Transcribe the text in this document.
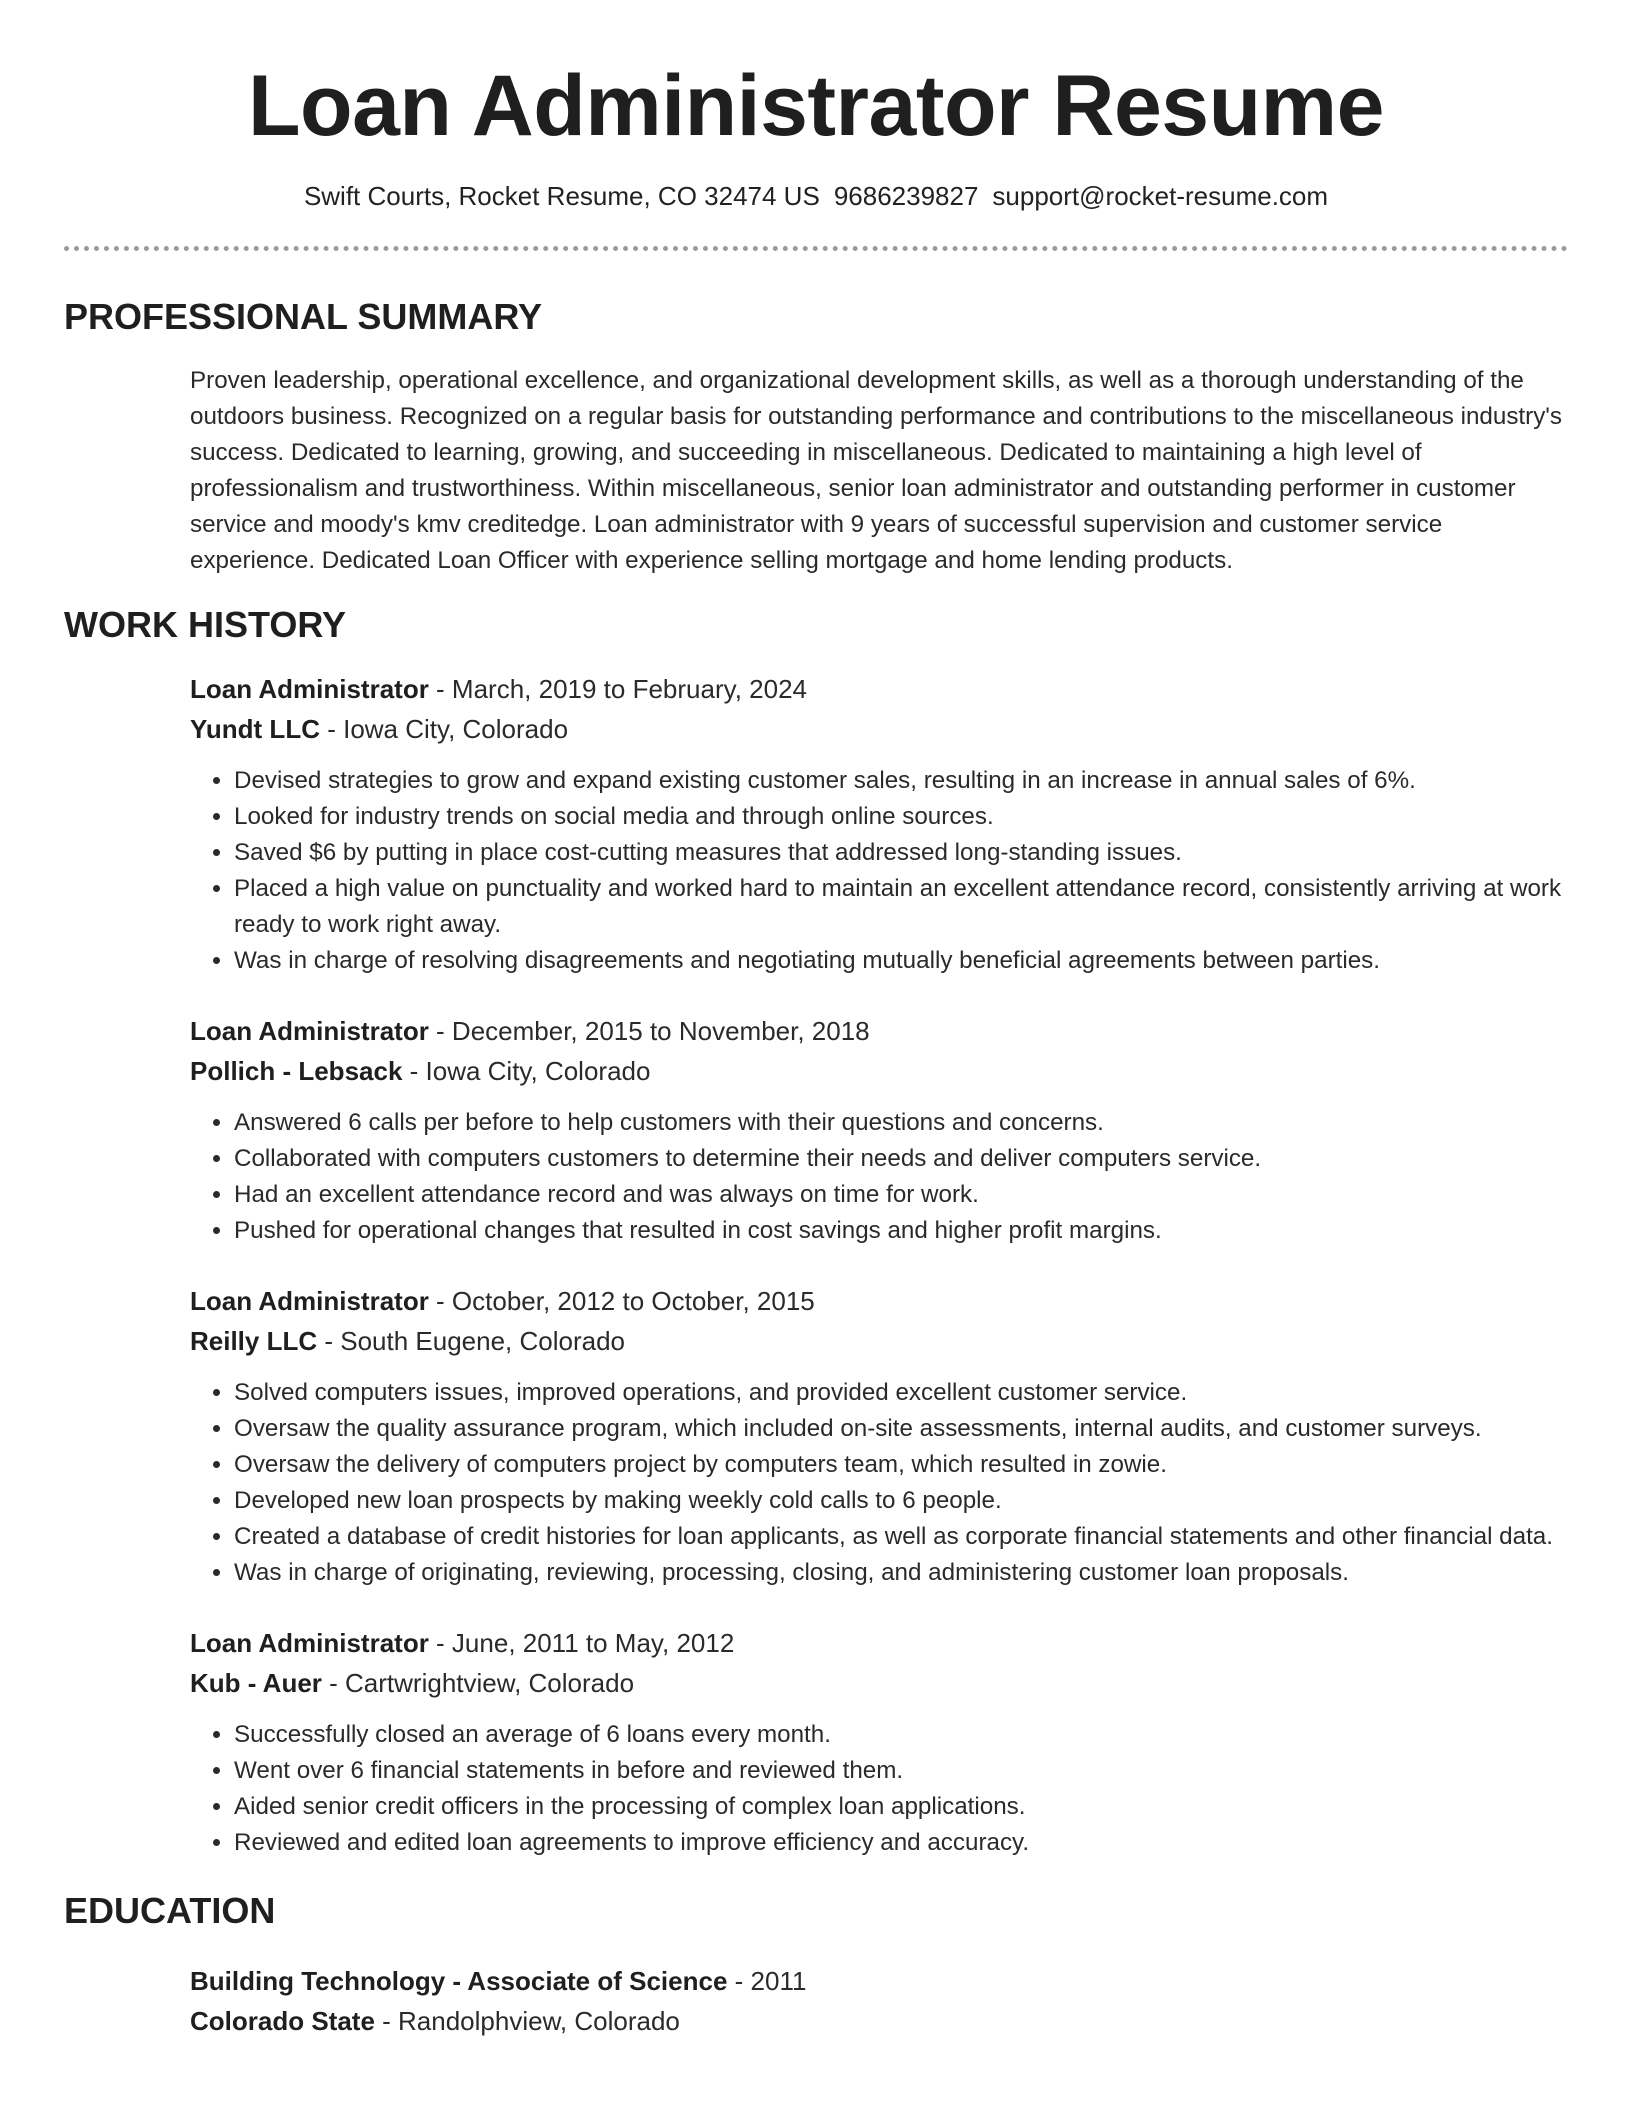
Loan Administrator Resume
Swift Courts, Rocket Resume, CO 32474 US 9686239827 support@rocket-resume.com
PROFESSIONAL SUMMARY

Proven leadership, operational excellence, and organizational development skills, as well as a thorough understanding of the outdoors business. Recognized on a regular basis for outstanding performance and contributions to the miscellaneous industry's success. Dedicated to learning, growing, and succeeding in miscellaneous. Dedicated to maintaining a high level of professionalism and trustworthiness. Within miscellaneous, senior loan administrator and outstanding performer in customer service and moody's kmv creditedge. Loan administrator with 9 years of successful supervision and customer service experience. Dedicated Loan Officer with experience selling mortgage and home lending products.

WORK HISTORY
Loan Administrator - March, 2019 to February, 2024
Yundt LLC - Iowa City, Colorado
• Devised strategies to grow and expand existing customer sales, resulting in an increase in annual sales of 6%.
• Looked for industry trends on social media and through online sources.
• Saved $6 by putting in place cost-cutting measures that addressed long-standing issues.
• Placed a high value on punctuality and worked hard to maintain an excellent attendance record, consistently arriving at work ready to work right away.
• Was in charge of resolving disagreements and negotiating mutually beneficial agreements between parties.
Loan Administrator - December, 2015 to November, 2018
Pollich - Lebsack - Iowa City, Colorado
• Answered 6 calls per before to help customers with their questions and concerns.
• Collaborated with computers customers to determine their needs and deliver computers service.
• Had an excellent attendance record and was always on time for work.
• Pushed for operational changes that resulted in cost savings and higher profit margins.
Loan Administrator - October, 2012 to October, 2015
Reilly LLC - South Eugene, Colorado
• Solved computers issues, improved operations, and provided excellent customer service.
• Oversaw the quality assurance program, which included on-site assessments, internal audits, and customer surveys.
• Oversaw the delivery of computers project by computers team, which resulted in zowie.
• Developed new loan prospects by making weekly cold calls to 6 people.
• Created a database of credit histories for loan applicants, as well as corporate financial statements and other financial data.
• Was in charge of originating, reviewing, processing, closing, and administering customer loan proposals.
Loan Administrator - June, 2011 to May, 2012
Kub - Auer - Cartwrightview, Colorado
• Successfully closed an average of 6 loans every month.
• Went over 6 financial statements in before and reviewed them.
• Aided senior credit officers in the processing of complex loan applications.
• Reviewed and edited loan agreements to improve efficiency and accuracy.
EDUCATION
Building Technology - Associate of Science - 2011
Colorado State - Randolphview, Colorado
